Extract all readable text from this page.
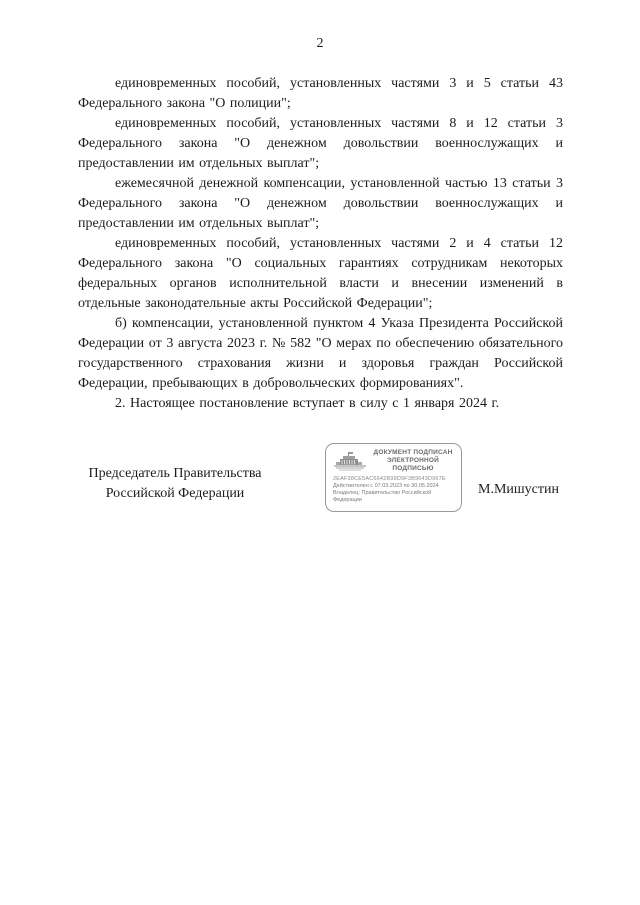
2

единовременных пособий, установленных частями 3 и 5 статьи 43 Федерального закона "О полиции";

единовременных пособий, установленных частями 8 и 12 статьи 3 Федерального закона "О денежном довольствии военнослужащих и предоставлении им отдельных выплат";

ежемесячной денежной компенсации, установленной частью 13 статьи 3 Федерального закона "О денежном довольствии военнослужащих и предоставлении им отдельных выплат";

единовременных пособий, установленных частями 2 и 4 статьи 12 Федерального закона "О социальных гарантиях сотрудникам некоторых федеральных органов исполнительной власти и внесении изменений в отдельные законодательные акты Российской Федерации";

б) компенсации, установленной пунктом 4 Указа Президента Российской Федерации от 3 августа 2023 г. № 582 "О мерах по обеспечению обязательного государственного страхования жизни и здоровья граждан Российской Федерации, пребывающих в добровольческих формированиях".

2. Настоящее постановление вступает в силу с 1 января 2024 г.

Председатель Правительства
Российской Федерации
ДОКУМЕНТ ПОДПИСАН
ЭЛЕКТРОННОЙ ПОДПИСЬЮ
2EAF38CE5AC6642B99D9F3B9643D967E
Действителен с 07.03.2023 по 30.05.2024
Владелец: Правительство Российской Федерации
М.Мишустин
